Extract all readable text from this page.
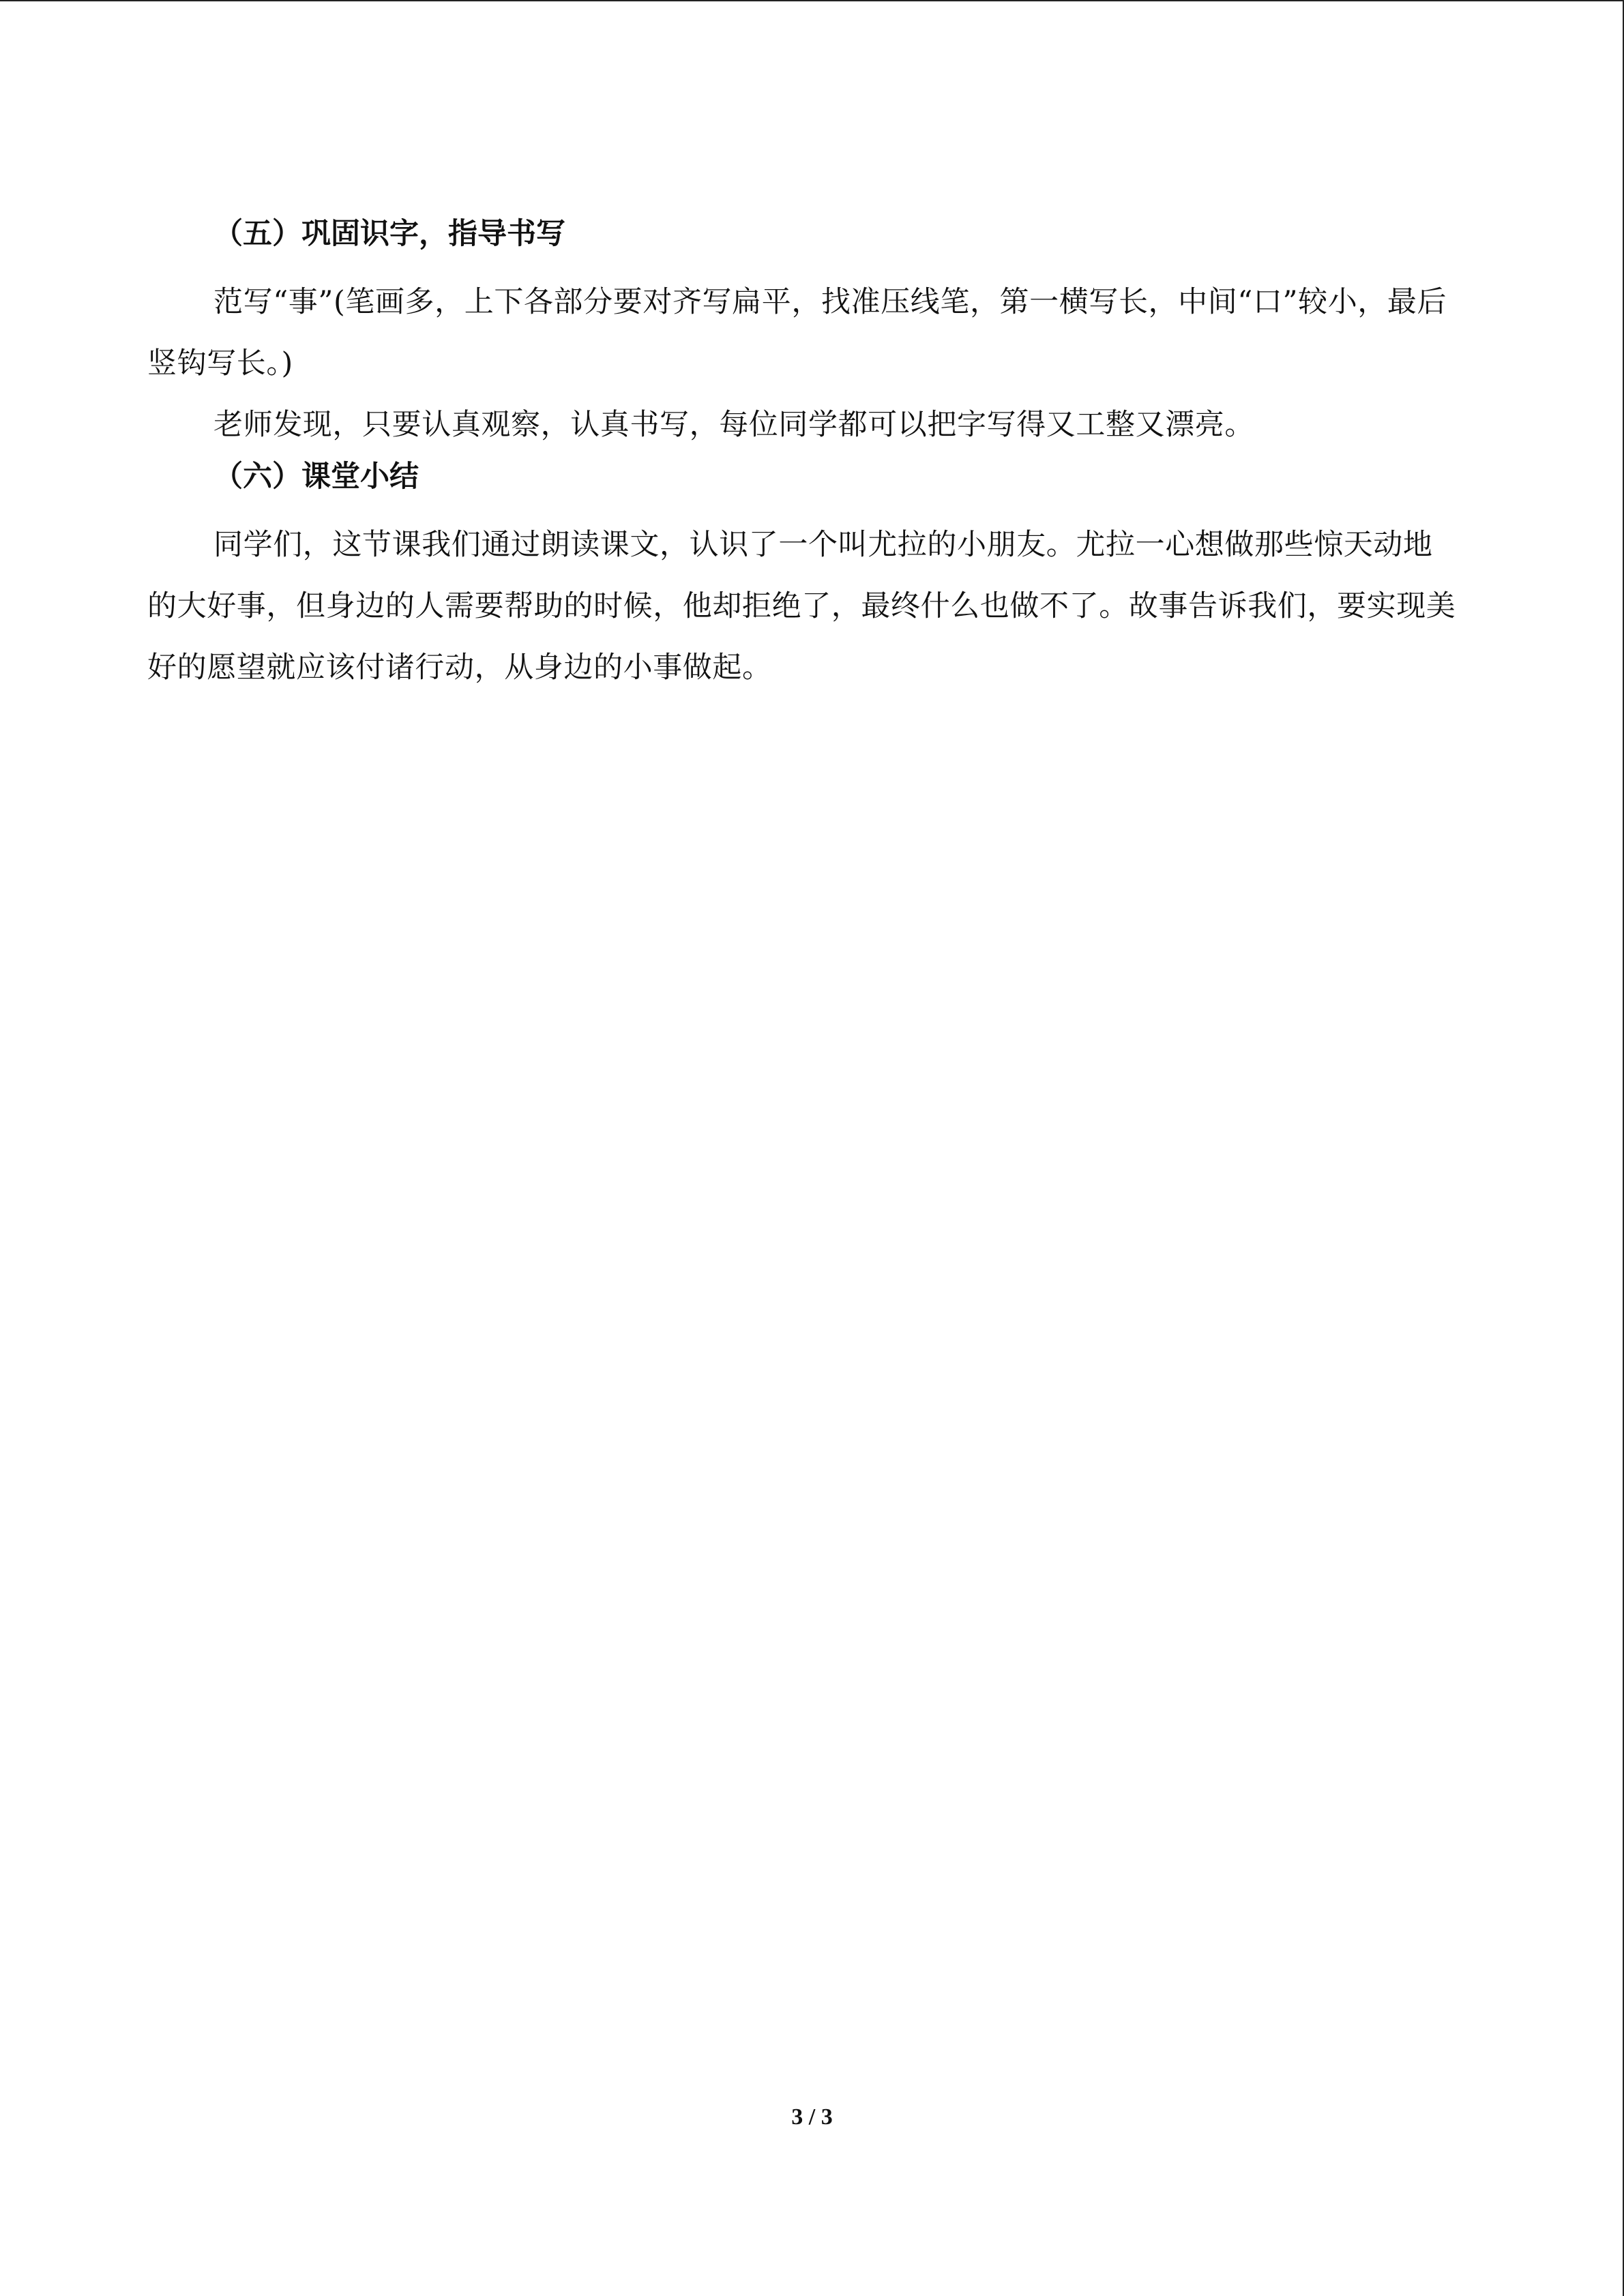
（五）巩固识字，指导书写

范写“事”(笔画多，上下各部分要对齐写扁平，找准压线笔，第一横写长，中间“口”较小，最后竖钩写长。)

老师发现，只要认真观察，认真书写，每位同学都可以把字写得又工整又漂亮。

（六）课堂小结

同学们，这节课我们通过朗读课文，认识了一个叫尤拉的小朋友。尤拉一心想做那些惊天动地的大好事，但身边的人需要帮助的时候，他却拒绝了，最终什么也做不了。故事告诉我们，要实现美好的愿望就应该付诸行动，从身边的小事做起。

3 / 3
